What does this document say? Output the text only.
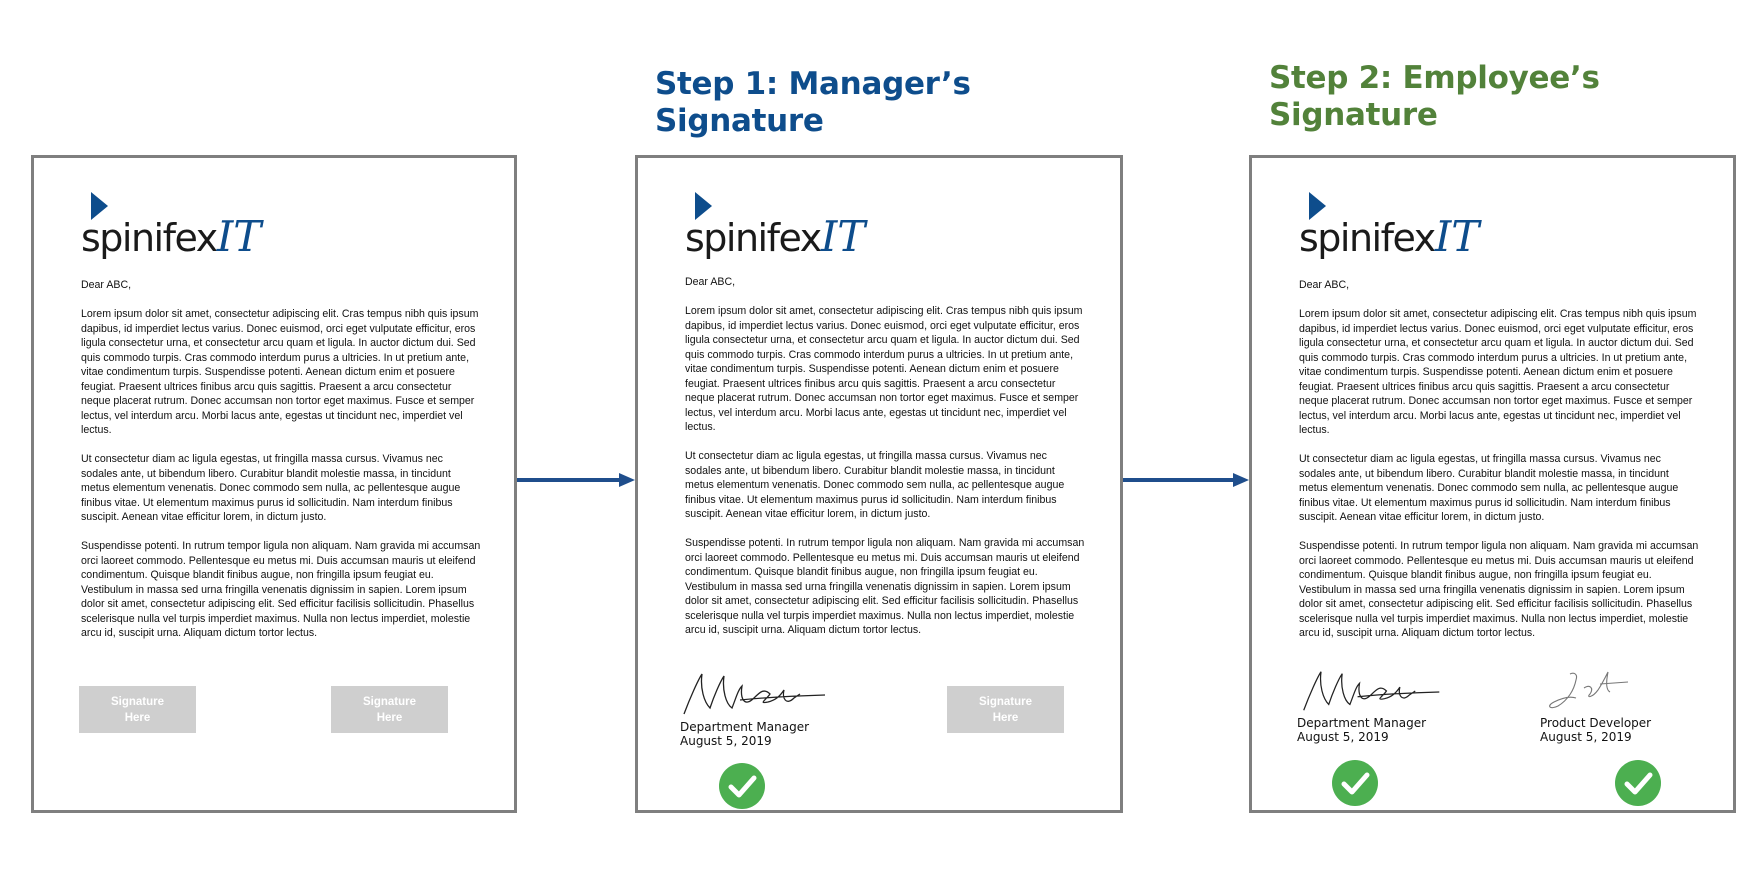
Step 1: Manager’s
Signature
Step 2: Employee’s
Signature
spinifexIT

Dear ABC,

Lorem ipsum dolor sit amet, consectetur adipiscing elit. Cras tempus nibh quis ipsum dapibus, id imperdiet lectus varius. Donec euismod, orci eget vulputate efficitur, eros ligula consectetur urna, et consectetur arcu quam et ligula. In auctor dictum dui. Sed quis commodo turpis. Cras commodo interdum purus a ultricies. In ut pretium ante, vitae condimentum turpis. Suspendisse potenti. Aenean dictum enim et posuere feugiat. Praesent ultrices finibus arcu quis sagittis. Praesent a arcu consectetur neque placerat rutrum. Donec accumsan non tortor eget maximus. Fusce et semper lectus, vel interdum arcu. Morbi lacus ante, egestas ut tincidunt nec, imperdiet vel lectus.

Ut consectetur diam ac ligula egestas, ut fringilla massa cursus. Vivamus nec sodales ante, ut bibendum libero. Curabitur blandit molestie massa, in tincidunt metus elementum venenatis. Donec commodo sem nulla, ac pellentesque augue finibus vitae. Ut elementum maximus purus id sollicitudin. Nam interdum finibus suscipit. Aenean vitae efficitur lorem, in dictum justo.

Suspendisse potenti. In rutrum tempor ligula non aliquam. Nam gravida mi accumsan orci laoreet commodo. Pellentesque eu metus mi. Duis accumsan mauris ut eleifend condimentum. Quisque blandit finibus augue, non fringilla ipsum feugiat eu. Vestibulum in massa sed urna fringilla venenatis dignissim in sapien. Lorem ipsum dolor sit amet, consectetur adipiscing elit. Sed efficitur facilisis sollicitudin. Phasellus scelerisque nulla vel turpis imperdiet maximus. Nulla non lectus imperdiet, molestie arcu id, suscipit urna. Aliquam dictum tortor lectus.

Signature
Here
Signature
Here
spinifexIT

Dear ABC,

Lorem ipsum dolor sit amet, consectetur adipiscing elit. Cras tempus nibh quis ipsum dapibus, id imperdiet lectus varius. Donec euismod, orci eget vulputate efficitur, eros ligula consectetur urna, et consectetur arcu quam et ligula. In auctor dictum dui. Sed quis commodo turpis. Cras commodo interdum purus a ultricies. In ut pretium ante, vitae condimentum turpis. Suspendisse potenti. Aenean dictum enim et posuere feugiat. Praesent ultrices finibus arcu quis sagittis. Praesent a arcu consectetur neque placerat rutrum. Donec accumsan non tortor eget maximus. Fusce et semper lectus, vel interdum arcu. Morbi lacus ante, egestas ut tincidunt nec, imperdiet vel lectus.

Ut consectetur diam ac ligula egestas, ut fringilla massa cursus. Vivamus nec sodales ante, ut bibendum libero. Curabitur blandit molestie massa, in tincidunt metus elementum venenatis. Donec commodo sem nulla, ac pellentesque augue finibus vitae. Ut elementum maximus purus id sollicitudin. Nam interdum finibus suscipit. Aenean vitae efficitur lorem, in dictum justo.

Suspendisse potenti. In rutrum tempor ligula non aliquam. Nam gravida mi accumsan orci laoreet commodo. Pellentesque eu metus mi. Duis accumsan mauris ut eleifend condimentum. Quisque blandit finibus augue, non fringilla ipsum feugiat eu. Vestibulum in massa sed urna fringilla venenatis dignissim in sapien. Lorem ipsum dolor sit amet, consectetur adipiscing elit. Sed efficitur facilisis sollicitudin. Phasellus scelerisque nulla vel turpis imperdiet maximus. Nulla non lectus imperdiet, molestie arcu id, suscipit urna. Aliquam dictum tortor lectus.

Department Manager
August 5, 2019
Signature
Here
spinifexIT

Dear ABC,

Lorem ipsum dolor sit amet, consectetur adipiscing elit. Cras tempus nibh quis ipsum dapibus, id imperdiet lectus varius. Donec euismod, orci eget vulputate efficitur, eros ligula consectetur urna, et consectetur arcu quam et ligula. In auctor dictum dui. Sed quis commodo turpis. Cras commodo interdum purus a ultricies. In ut pretium ante, vitae condimentum turpis. Suspendisse potenti. Aenean dictum enim et posuere feugiat. Praesent ultrices finibus arcu quis sagittis. Praesent a arcu consectetur neque placerat rutrum. Donec accumsan non tortor eget maximus. Fusce et semper lectus, vel interdum arcu. Morbi lacus ante, egestas ut tincidunt nec, imperdiet vel lectus.

Ut consectetur diam ac ligula egestas, ut fringilla massa cursus. Vivamus nec sodales ante, ut bibendum libero. Curabitur blandit molestie massa, in tincidunt metus elementum venenatis. Donec commodo sem nulla, ac pellentesque augue finibus vitae. Ut elementum maximus purus id sollicitudin. Nam interdum finibus suscipit. Aenean vitae efficitur lorem, in dictum justo.

Suspendisse potenti. In rutrum tempor ligula non aliquam. Nam gravida mi accumsan orci laoreet commodo. Pellentesque eu metus mi. Duis accumsan mauris ut eleifend condimentum. Quisque blandit finibus augue, non fringilla ipsum feugiat eu. Vestibulum in massa sed urna fringilla venenatis dignissim in sapien. Lorem ipsum dolor sit amet, consectetur adipiscing elit. Sed efficitur facilisis sollicitudin. Phasellus scelerisque nulla vel turpis imperdiet maximus. Nulla non lectus imperdiet, molestie arcu id, suscipit urna. Aliquam dictum tortor lectus.

Department Manager
August 5, 2019
Product Developer
August 5, 2019
